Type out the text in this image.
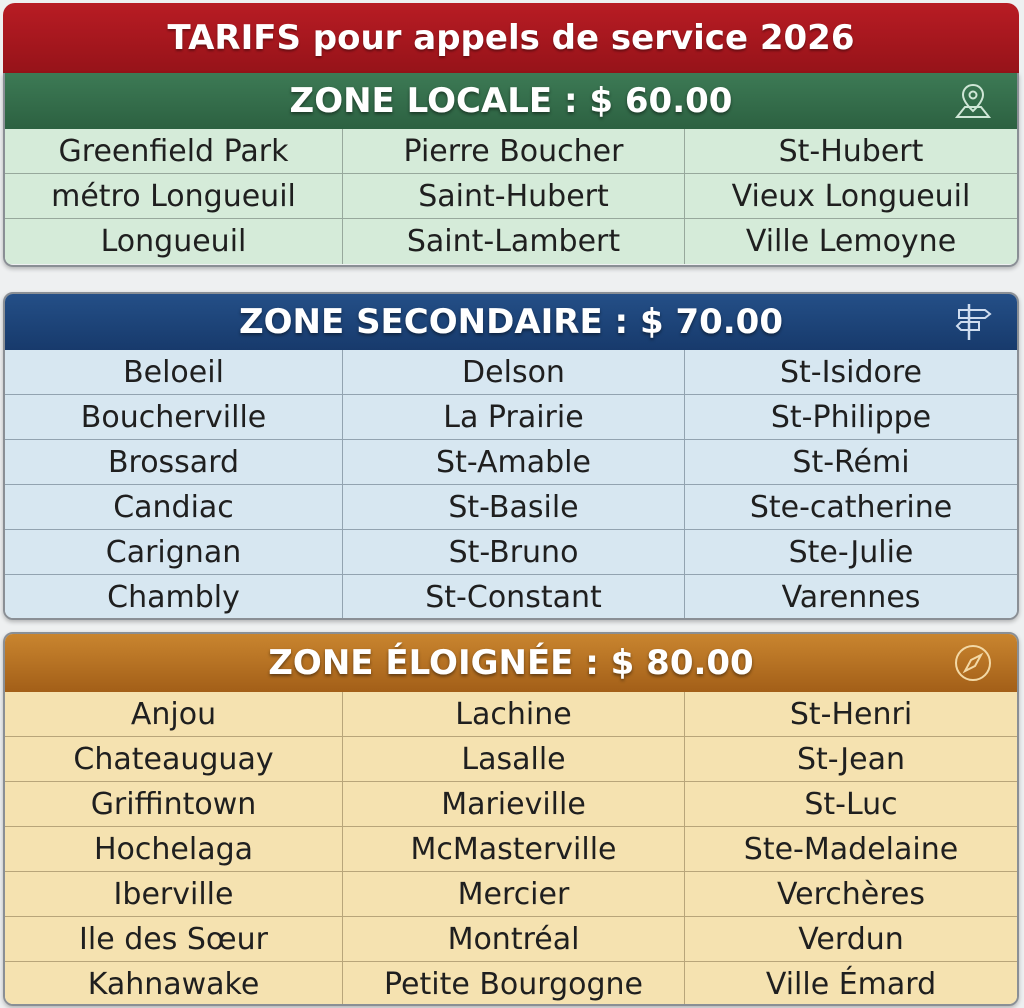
TARIFS pour appels de service 2026
ZONE LOCALE : $ 60.00
Greenfield Park	Pierre Boucher	St-Hubert
métro Longueuil	Saint-Hubert	Vieux Longueuil
Longueuil	Saint-Lambert	Ville Lemoyne
ZONE SECONDAIRE : $ 70.00
Beloeil	Delson	St-Isidore
Boucherville	La Prairie	St-Philippe
Brossard	St-Amable	St-Rémi
Candiac	St-Basile	Ste-catherine
Carignan	St-Bruno	Ste-Julie
Chambly	St-Constant	Varennes
ZONE ÉLOIGNÉE : $ 80.00
Anjou	Lachine	St-Henri
Chateauguay	Lasalle	St-Jean
Griffintown	Marieville	St-Luc
Hochelaga	McMasterville	Ste-Madelaine
Iberville	Mercier	Verchères
Ile des Sœur	Montréal	Verdun
Kahnawake	Petite Bourgogne	Ville Émard
